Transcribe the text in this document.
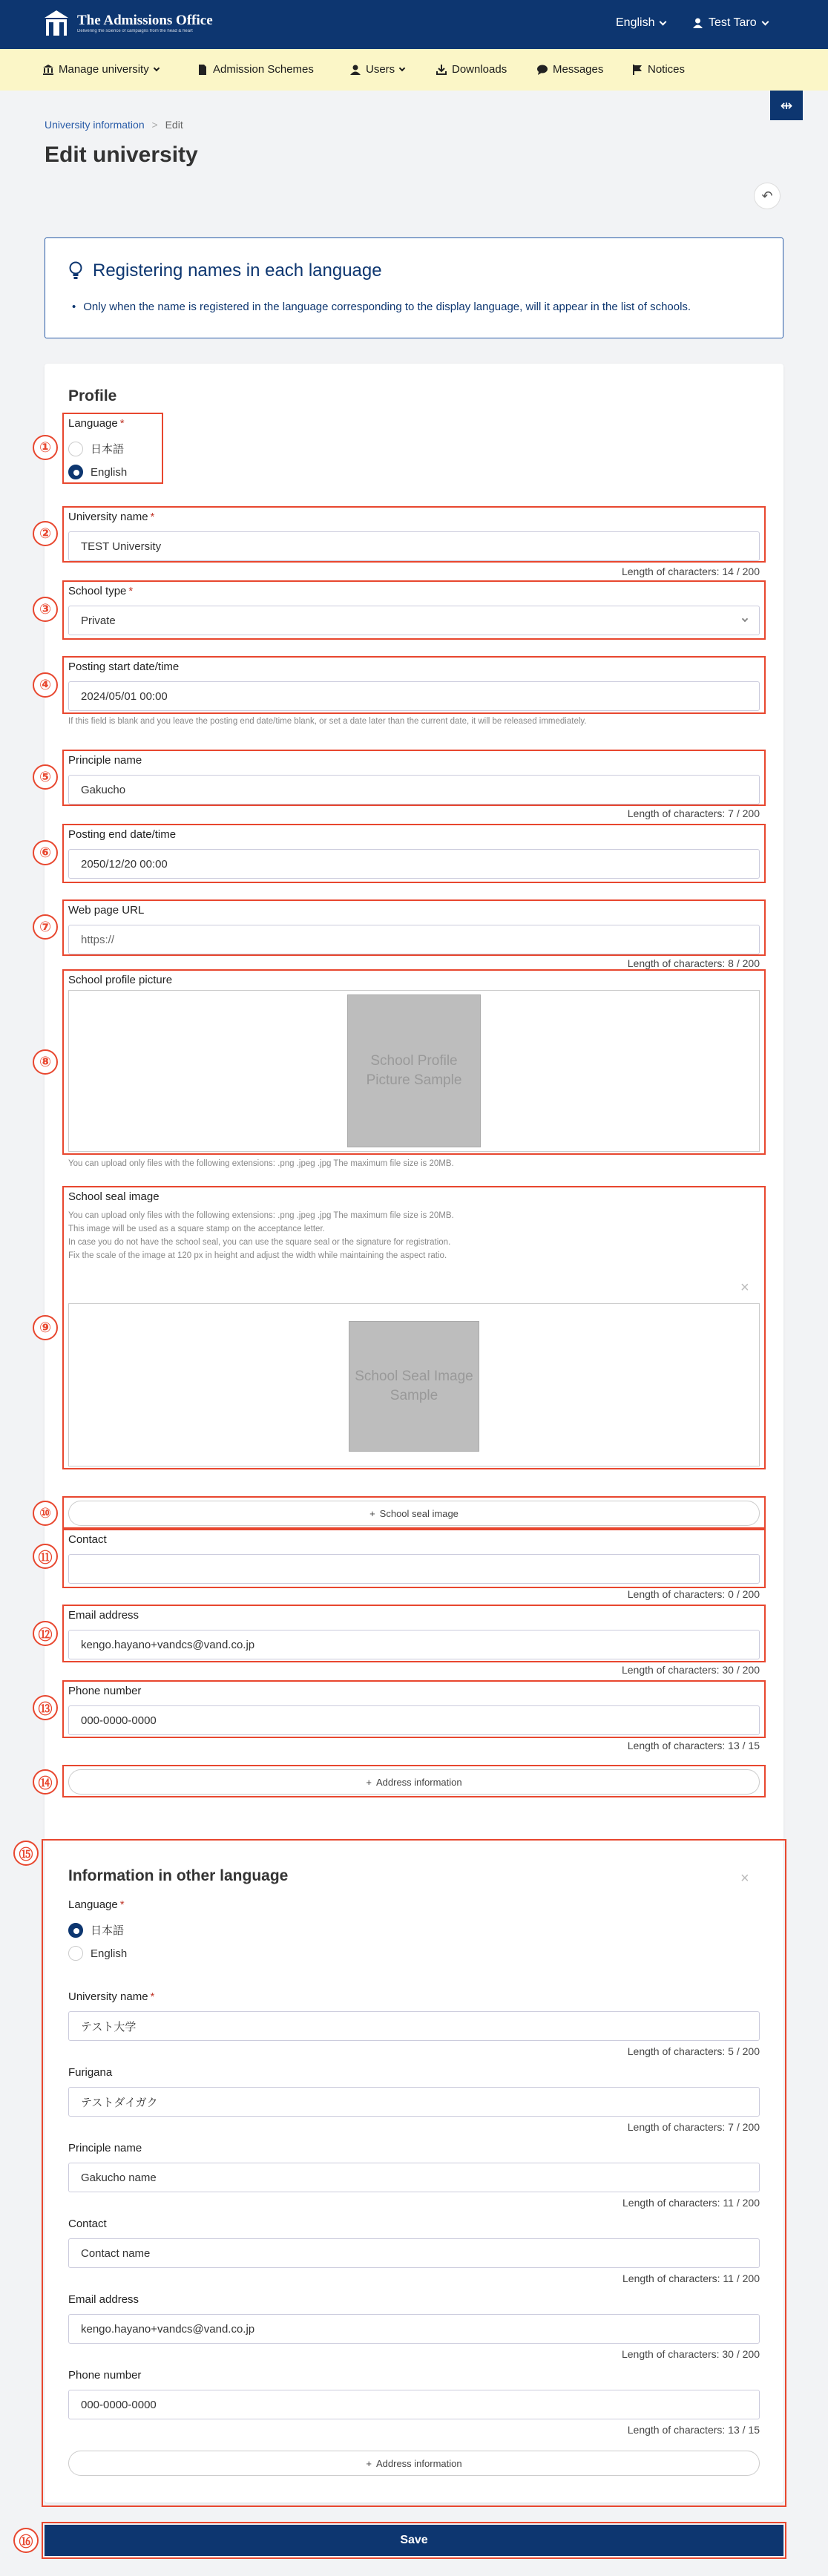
The Admissions Office
Delivering the science of campaigns from the head & heart
English	Test Taro
Manage university	Admission Schemes	Users	Downloads	Messages	Notices
⇹
University information > Edit
Edit university
↶
Registering names in each language
• Only when the name is registered in the language corresponding to the display language, will it appear in the list of schools.
Profile
Language *
日本語
English
University name *
TEST University
Length of characters: 14 / 200
School type *
Private
Posting start date/time
2024/05/01 00:00
If this field is blank and you leave the posting end date/time blank, or set a date later than the current date, it will be released immediately.
Principle name
Gakucho
Length of characters: 7 / 200
Posting end date/time
2050/12/20 00:00
Web page URL
https://
Length of characters: 8 / 200
School profile picture
School Profile Picture Sample
You can upload only files with the following extensions: .png .jpeg .jpg The maximum file size is 20MB.
School seal image
You can upload only files with the following extensions: .png .jpeg .jpg The maximum file size is 20MB.
This image will be used as a square stamp on the acceptance letter.
In case you do not have the school seal, you can use the square seal or the signature for registration.
Fix the scale of the image at 120 px in height and adjust the width while maintaining the aspect ratio.
×
School Seal Image Sample
+ School seal image
Contact
Length of characters: 0 / 200
Email address
kengo.hayano+vandcs@vand.co.jp
Length of characters: 30 / 200
Phone number
000-0000-0000
Length of characters: 13 / 15
+ Address information
Information in other language	×
Language *
日本語
English
University name *
テスト大学
Length of characters: 5 / 200
Furigana
テストダイガク
Length of characters: 7 / 200
Principle name
Gakucho name
Length of characters: 11 / 200
Contact
Contact name
Length of characters: 11 / 200
Email address
kengo.hayano+vandcs@vand.co.jp
Length of characters: 30 / 200
Phone number
000-0000-0000
Length of characters: 13 / 15
+ Address information
Save
①
②
③
④
⑤
⑥
⑦
⑧
⑨
⑩
⑪
⑫
⑬
⑭
⑮
⑯
